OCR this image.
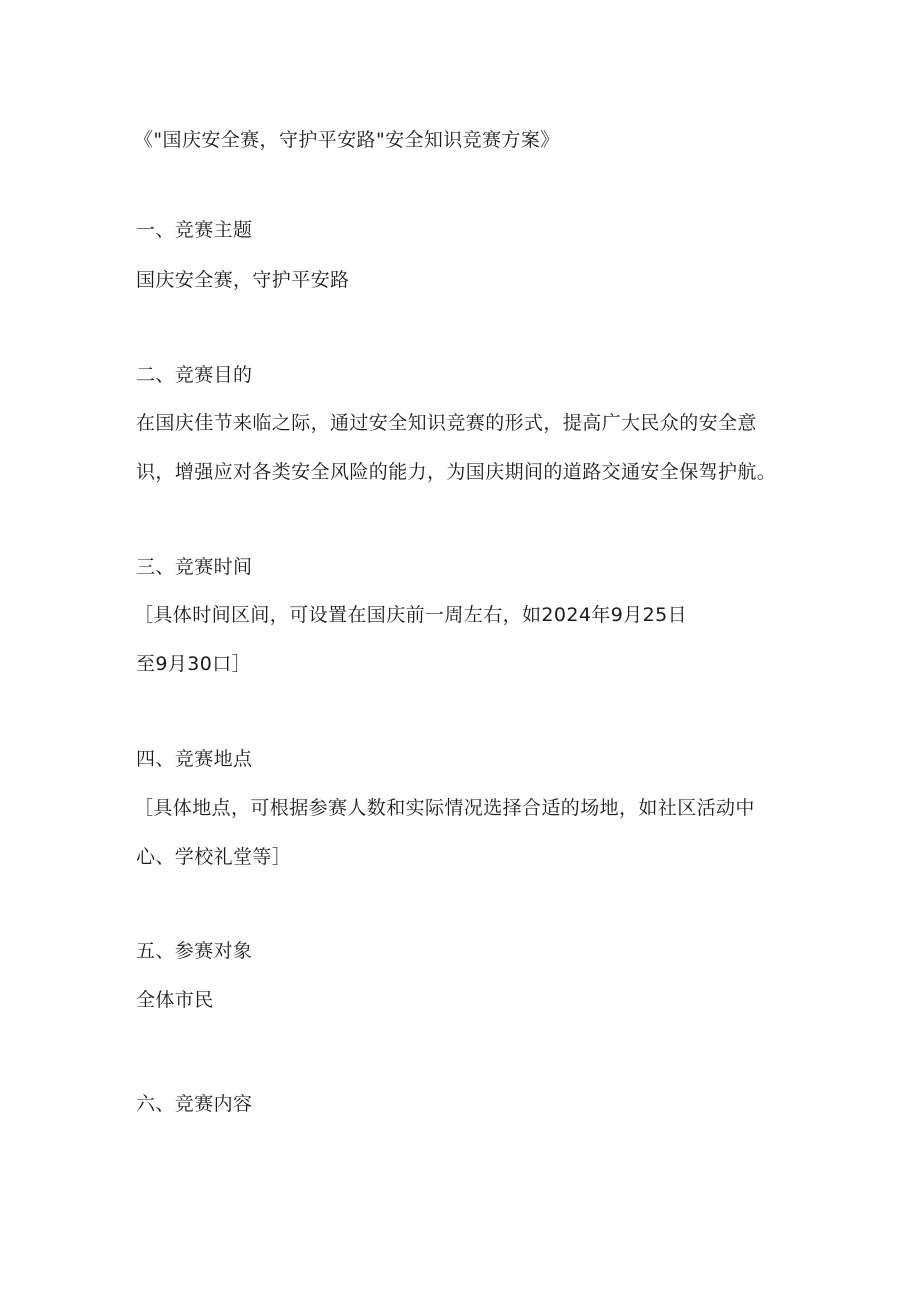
《"国庆安全赛，守护平安路"安全知识竞赛方案》
一、竞赛主题
国庆安全赛，守护平安路
二、竞赛目的
在国庆佳节来临之际，通过安全知识竞赛的形式，提高广大民众的安全意
识，增强应对各类安全风险的能力，为国庆期间的道路交通安全保驾护航。
三、竞赛时间
［具体时间区间，可设置在国庆前一周左右，如2024年9月25日
至9月30口］
四、竞赛地点
［具体地点，可根据参赛人数和实际情况选择合适的场地，如社区活动中
心、学校礼堂等］
五、参赛对象
全体市民
六、竞赛内容
